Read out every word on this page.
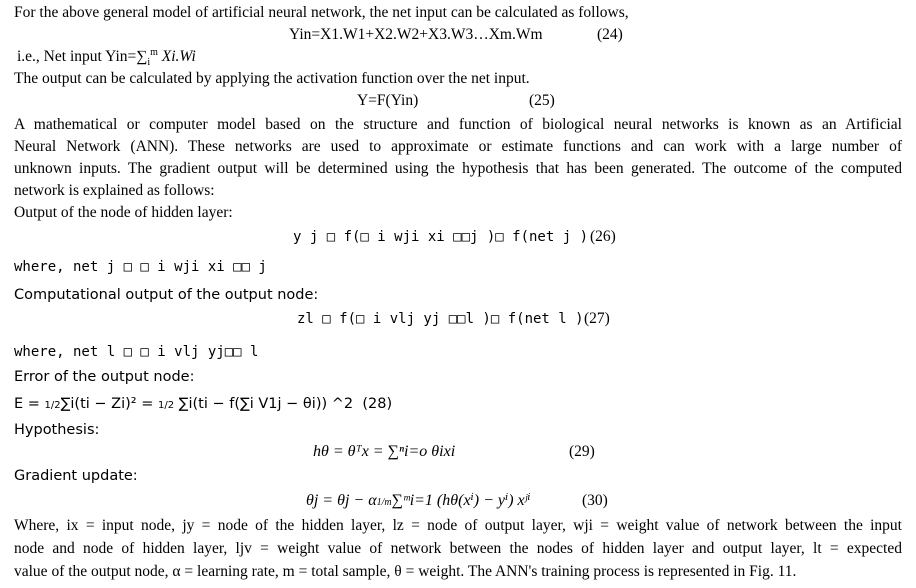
For the above general model of artificial neural network, the net input can be calculated as follows,
Yin=X1.W1+X2.W2+X3.W3…Xm.Wm	(24)
i.e., Net input $Yin=\sum_i^m$ Xi.Wi
The output can be calculated by applying the activation function over the net input.
Y=F(Yin)	(25)
A mathematical or computer model based on the structure and function of biological neural networks is known as an Artificial
Neural Network (ANN). These networks are used to approximate or estimate functions and can work with a large number of
unknown inputs. The gradient output will be determined using the hypothesis that has been generated. The outcome of the computed
network is explained as follows:
Output of the node of hidden layer:
y j □ f(□ i wji xi □□j )□ f(net j ) (26)
where, net j □ □ i wji xi □□ j
Computational output of the output node:
zl □ f(□ i vlj yj □□l )□ f(net l ) (27)
where, net l □ □ i vlj yj□□ l
Error of the output node:
E = 1/2∑i(ti − Zi)² = 1/2 ∑i(ti − f(∑i V1j − θi)) ^2 (28)
Hypothesis:
hθ = θᵀx = ∑ⁿi=o θixi	(29)
Gradient update:
θj = θj − α1/m∑ᵐi=1 (hθ(xⁱ) − yⁱ) xʲⁱ	(30)
Where, ix = input node, jy = node of the hidden layer, lz = node of output layer, wji = weight value of network between the input
node and node of hidden layer, ljv = weight value of network between the nodes of hidden layer and output layer, lt = expected
value of the output node, α = learning rate, m = total sample, θ = weight. The ANN's training process is represented in Fig. 11.
